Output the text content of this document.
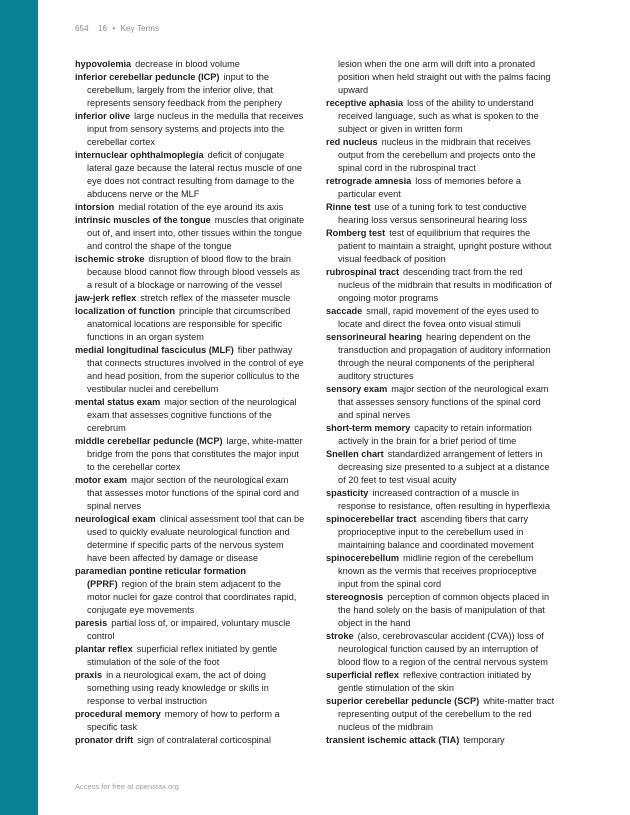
654 16 • Key Terms

hypovolemia decrease in blood volume

inferior cerebellar peduncle (ICP) input to the cerebellum, largely from the inferior olive, that represents sensory feedback from the periphery

inferior olive large nucleus in the medulla that receives input from sensory systems and projects into the cerebellar cortex

internuclear ophthalmoplegia deficit of conjugate lateral gaze because the lateral rectus muscle of one eye does not contract resulting from damage to the abducens nerve or the MLF

intorsion medial rotation of the eye around its axis

intrinsic muscles of the tongue muscles that originate out of, and insert into, other tissues within the tongue and control the shape of the tongue

ischemic stroke disruption of blood flow to the brain because blood cannot flow through blood vessels as a result of a blockage or narrowing of the vessel

jaw-jerk reflex stretch reflex of the masseter muscle

localization of function principle that circumscribed anatomical locations are responsible for specific functions in an organ system

medial longitudinal fasciculus (MLF) fiber pathway that connects structures involved in the control of eye and head position, from the superior colliculus to the vestibular nuclei and cerebellum

mental status exam major section of the neurological exam that assesses cognitive functions of the cerebrum

middle cerebellar peduncle (MCP) large, white-matter bridge from the pons that constitutes the major input to the cerebellar cortex

motor exam major section of the neurological exam that assesses motor functions of the spinal cord and spinal nerves

neurological exam clinical assessment tool that can be used to quickly evaluate neurological function and determine if specific parts of the nervous system have been affected by damage or disease

paramedian pontine reticular formation (PPRF) region of the brain stem adjacent to the motor nuclei for gaze control that coordinates rapid, conjugate eye movements

paresis partial loss of, or impaired, voluntary muscle control

plantar reflex superficial reflex initiated by gentle stimulation of the sole of the foot

praxis in a neurological exam, the act of doing something using ready knowledge or skills in response to verbal instruction

procedural memory memory of how to perform a specific task

pronator drift sign of contralateral corticospinal

lesion when the one arm will drift into a pronated position when held straight out with the palms facing upward

receptive aphasia loss of the ability to understand received language, such as what is spoken to the subject or given in written form

red nucleus nucleus in the midbrain that receives output from the cerebellum and projects onto the spinal cord in the rubrospinal tract

retrograde amnesia loss of memories before a particular event

Rinne test use of a tuning fork to test conductive hearing loss versus sensorineural hearing loss

Romberg test test of equilibrium that requires the patient to maintain a straight, upright posture without visual feedback of position

rubrospinal tract descending tract from the red nucleus of the midbrain that results in modification of ongoing motor programs

saccade small, rapid movement of the eyes used to locate and direct the fovea onto visual stimuli

sensorineural hearing hearing dependent on the transduction and propagation of auditory information through the neural components of the peripheral auditory structures

sensory exam major section of the neurological exam that assesses sensory functions of the spinal cord and spinal nerves

short-term memory capacity to retain information actively in the brain for a brief period of time

Snellen chart standardized arrangement of letters in decreasing size presented to a subject at a distance of 20 feet to test visual acuity

spasticity increased contraction of a muscle in response to resistance, often resulting in hyperflexia

spinocerebellar tract ascending fibers that carry proprioceptive input to the cerebellum used in maintaining balance and coordinated movement

spinocerebellum midline region of the cerebellum known as the vermis that receives proprioceptive input from the spinal cord

stereognosis perception of common objects placed in the hand solely on the basis of manipulation of that object in the hand

stroke (also, cerebrovascular accident (CVA)) loss of neurological function caused by an interruption of blood flow to a region of the central nervous system

superficial reflex reflexive contraction initiated by gentle stimulation of the skin

superior cerebellar peduncle (SCP) white-matter tract representing output of the cerebellum to the red nucleus of the midbrain

transient ischemic attack (TIA) temporary

Access for free at openstax.org
